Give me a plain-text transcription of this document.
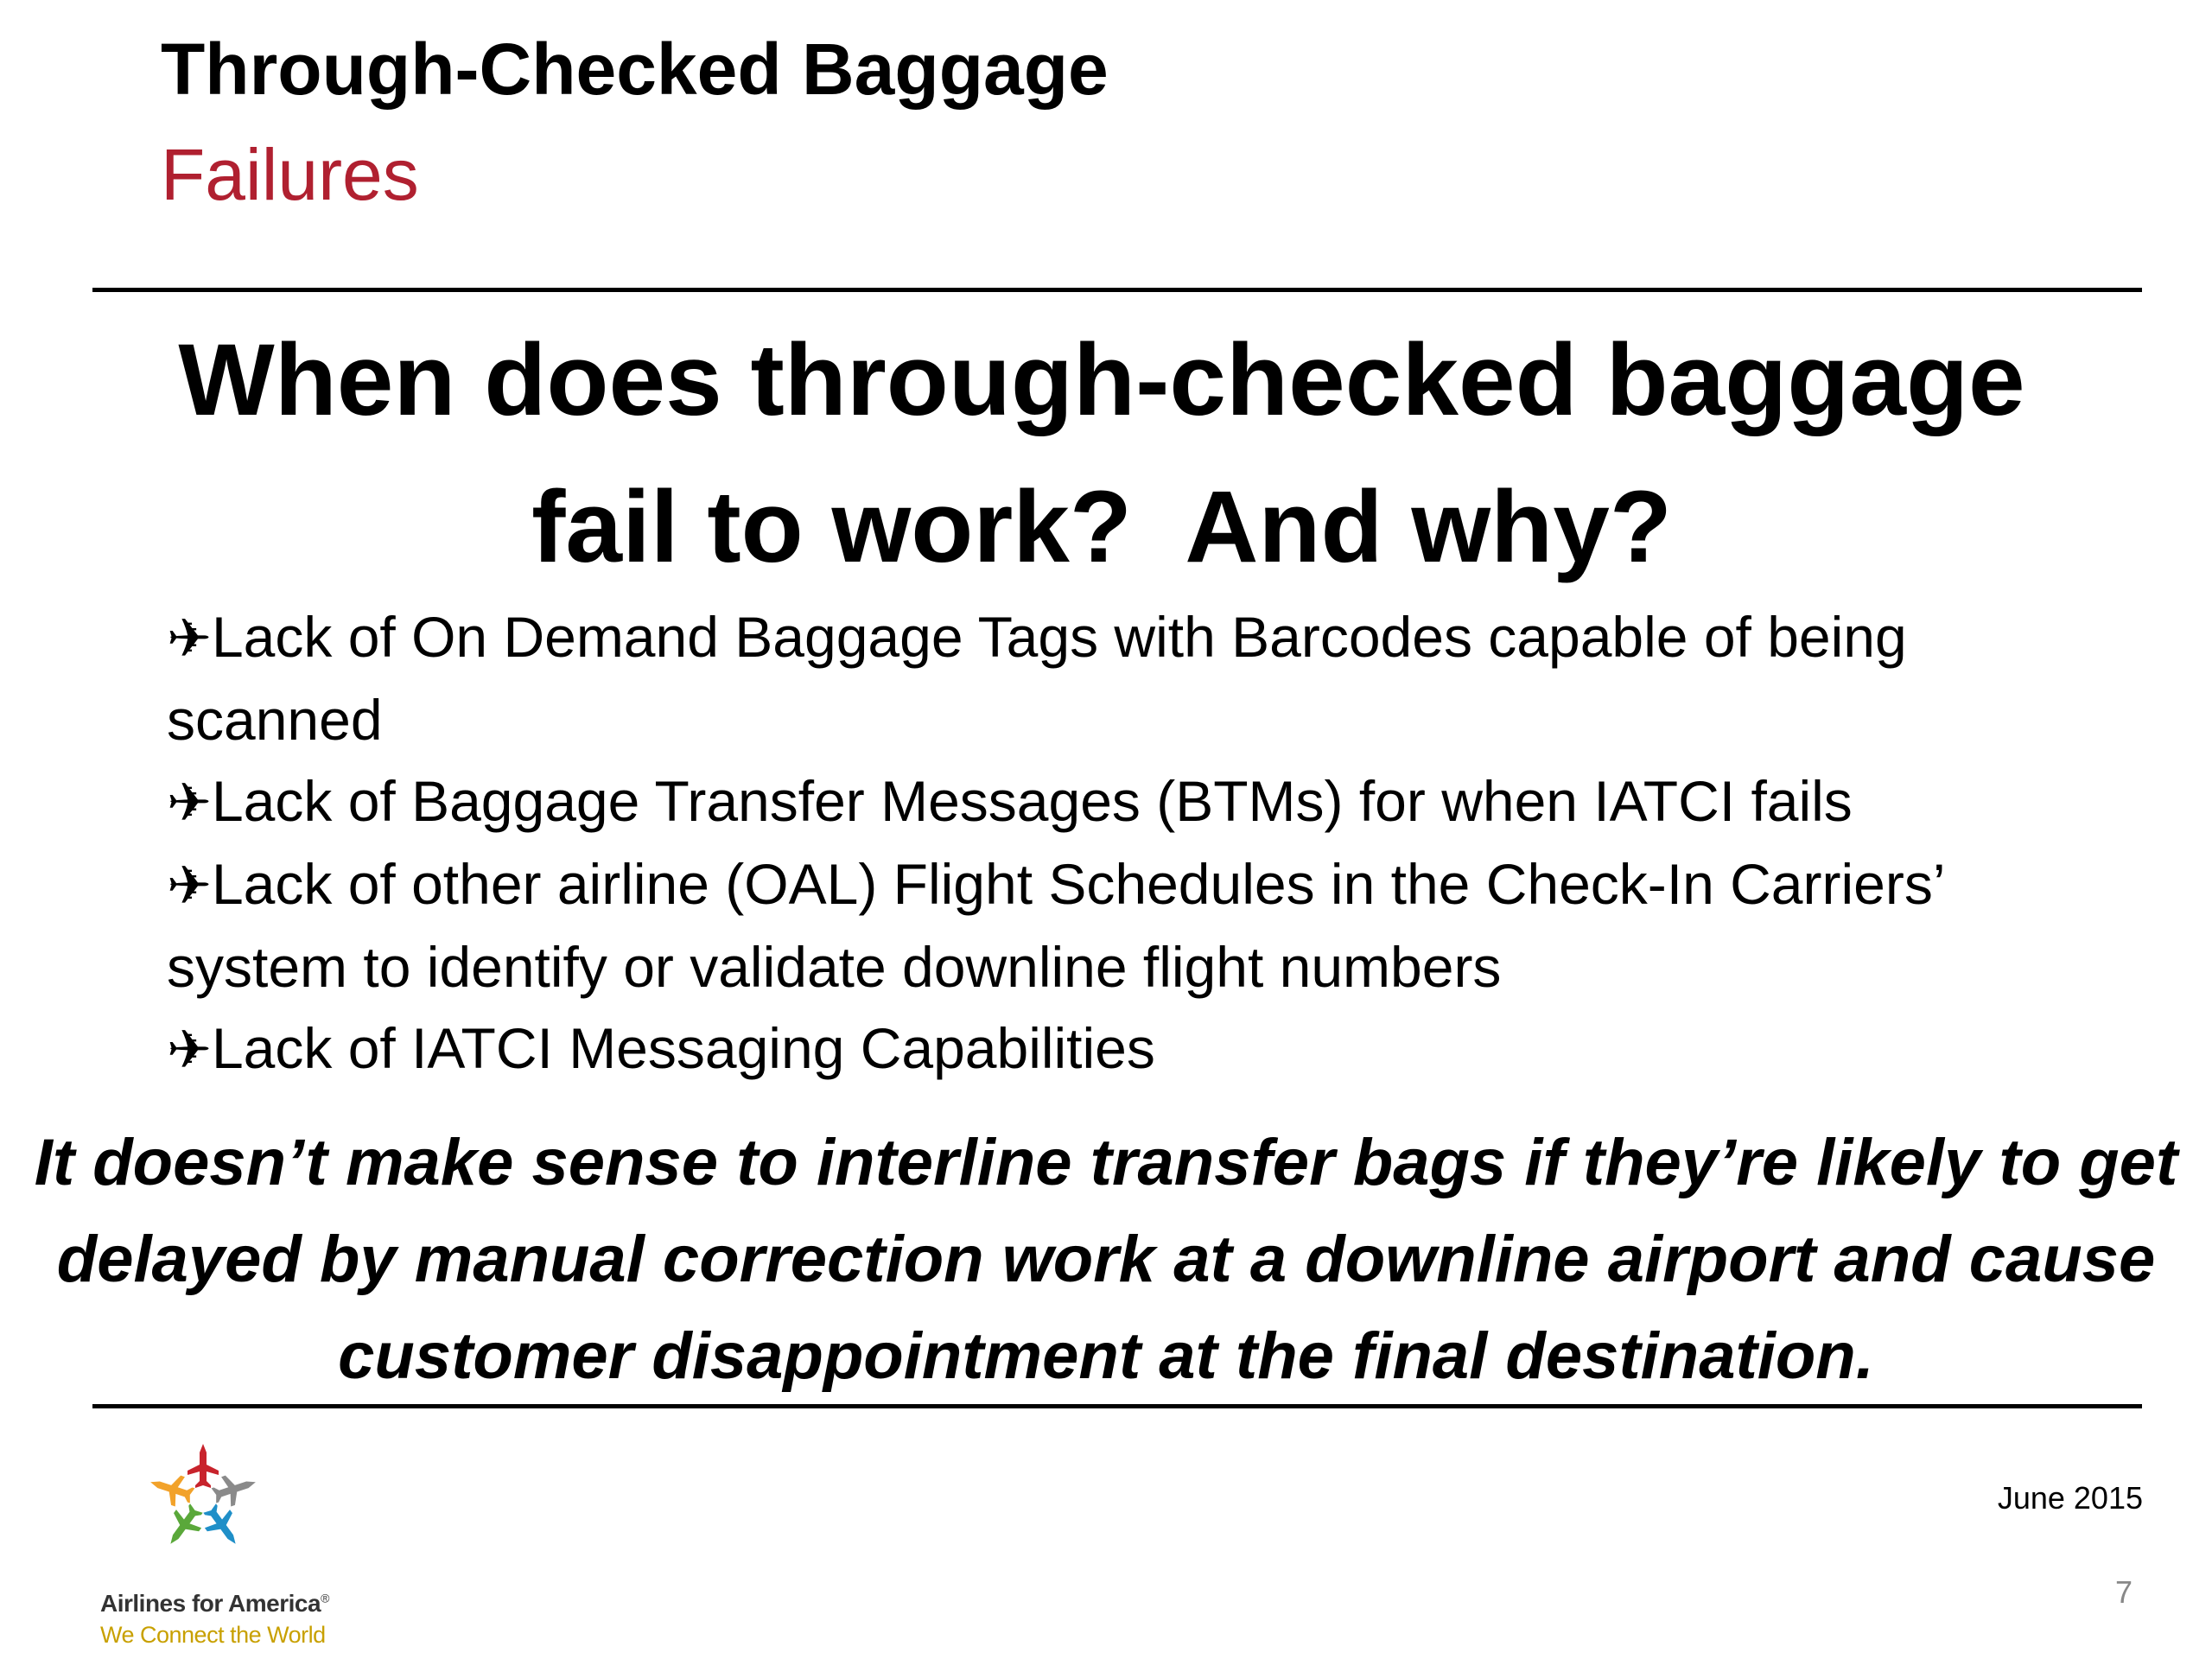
Through-Checked Baggage
Failures

When does through-checked baggage
fail to work?  And why?

✈Lack of On Demand Baggage Tags with Barcodes capable of being scanned
✈Lack of Baggage Transfer Messages (BTMs) for when IATCI fails
✈Lack of other airline (OAL) Flight Schedules in the Check-In Carriers’ system to identify or validate downline flight numbers
✈Lack of IATCI Messaging Capabilities

It doesn’t make sense to interline transfer bags if they’re likely to get delayed by manual correction work at a downline airport and cause customer disappointment at the final destination.

Airlines for America®
We Connect the World
June 2015
7
